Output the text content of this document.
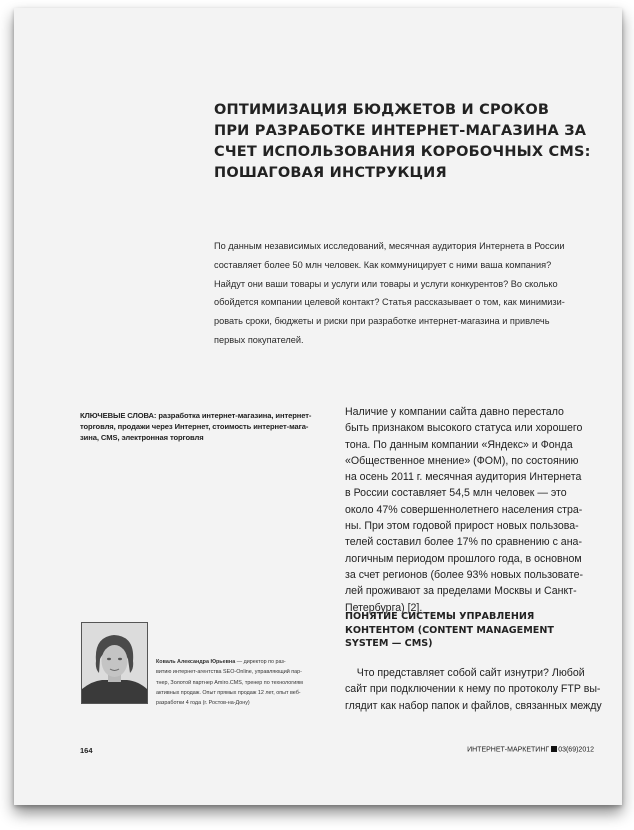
ОПТИМИЗАЦИЯ БЮДЖЕТОВ И СРОКОВ
ПРИ РАЗРАБОТКЕ ИНТЕРНЕТ-МАГАЗИНА ЗА
СЧЕТ ИСПОЛЬЗОВАНИЯ КОРОБОЧНЫХ CMS:
ПОШАГОВАЯ ИНСТРУКЦИЯ

По данным независимых исследований, месячная аудитория Интернета в России
составляет более 50 млн человек. Как коммуницирует с ними ваша компания?
Найдут они ваши товары и услуги или товары и услуги конкурентов? Во сколько
обойдется компании целевой контакт? Статья рассказывает о том, как минимизи-
ровать сроки, бюджеты и риски при разработке интернет-магазина и привлечь
первых покупателей.

КЛЮЧЕВЫЕ СЛОВА: разработка интернет-магазина, интернет-
торговля, продажи через Интернет, стоимость интернет-мага-
зина, CMS, электронная торговля
Наличие у компании сайта давно перестало
быть признаком высокого статуса или хорошего
тона. По данным компании «Яндекс» и Фонда
«Общественное мнение» (ФОМ), по состоянию
на осень 2011 г. месячная аудитория Интернета
в России составляет 54,5 млн человек — это
около 47% совершеннолетнего населения стра-
ны. При этом годовой прирост новых пользова-
телей составил более 17% по сравнению с ана-
логичным периодом прошлого года, в основном
за счет регионов (более 93% новых пользовате-
лей проживают за пределами Москвы и Санкт-
Петербурга) [2].
ПОНЯТИЕ СИСТЕМЫ УПРАВЛЕНИЯ
КОНТЕНТОМ (CONTENT MANAGEMENT
SYSTEM — CMS)
Что представляет собой сайт изнутри? Любой
сайт при подключении к нему по протоколу FTP вы-
глядит как набор папок и файлов, связанных между
Коваль Александра Юрьевна — директор по раз-
витию интернет-агентства SEO-Online, управляющий пар-
тнер, Золотой партнер Amiro.CMS, тренер по технологиям
активных продаж. Опыт прямых продаж 12 лет, опыт веб-
разработки 4 года (г. Ростов-на-Дону)
164	ИНТЕРНЕТ-МАРКЕТИНГ 03(69)2012
